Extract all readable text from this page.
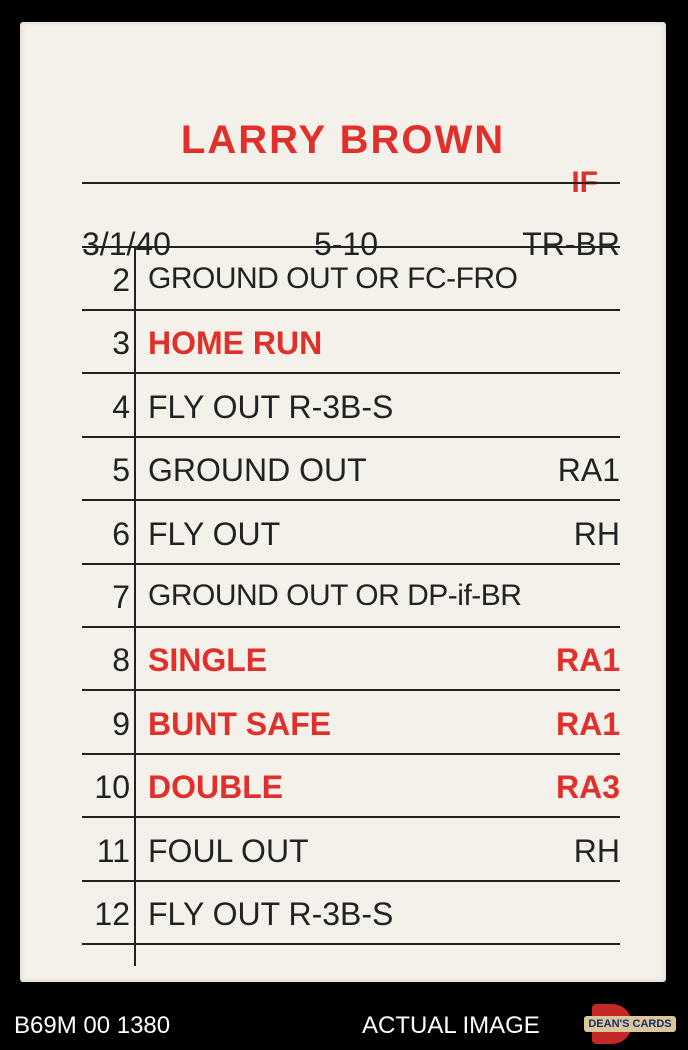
LARRY BROWN
IF
3/1/40	5-10	TR-BR
2 GROUND OUT OR FC-FRO
3 HOME RUN
4 FLY OUT R-3B-S
5 GROUND OUT	RA1
6 FLY OUT	RH
7 GROUND OUT OR DP-if-BR
8 SINGLE	RA1
9 BUNT SAFE	RA1
10 DOUBLE	RA3
11 FOUL OUT	RH
12 FLY OUT R-3B-S
B69M 00 1380	ACTUAL IMAGE	DEAN'S CARDS
